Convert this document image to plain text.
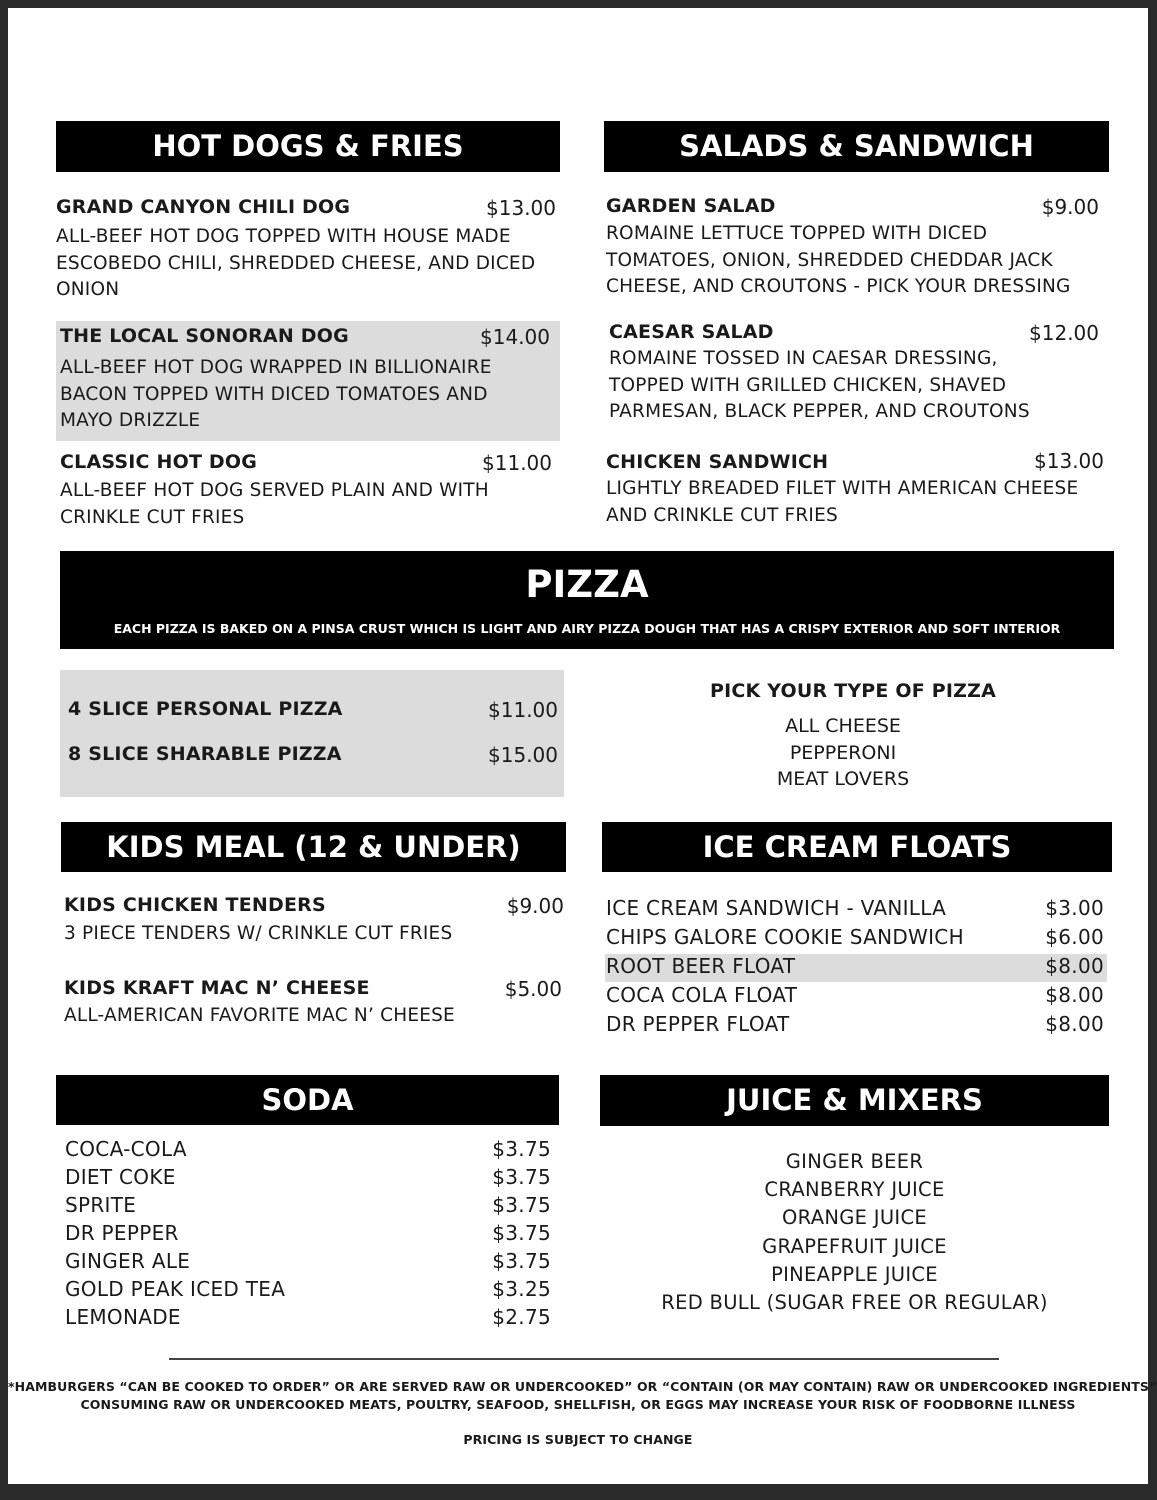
HOT DOGS & FRIES
GRAND CANYON CHILI DOG	$13.00
ALL-BEEF HOT DOG TOPPED WITH HOUSE MADE
ESCOBEDO CHILI, SHREDDED CHEESE, AND DICED
ONION
THE LOCAL SONORAN DOG	$14.00
ALL-BEEF HOT DOG WRAPPED IN BILLIONAIRE
BACON TOPPED WITH DICED TOMATOES AND
MAYO DRIZZLE
CLASSIC HOT DOG	$11.00
ALL-BEEF HOT DOG SERVED PLAIN AND WITH
CRINKLE CUT FRIES
SALADS & SANDWICH
GARDEN SALAD	$9.00
ROMAINE LETTUCE TOPPED WITH DICED
TOMATOES, ONION, SHREDDED CHEDDAR JACK
CHEESE, AND CROUTONS - PICK YOUR DRESSING
CAESAR SALAD	$12.00
ROMAINE TOSSED IN CAESAR DRESSING,
TOPPED WITH GRILLED CHICKEN, SHAVED
PARMESAN, BLACK PEPPER, AND CROUTONS
CHICKEN SANDWICH	$13.00
LIGHTLY BREADED FILET WITH AMERICAN CHEESE
AND CRINKLE CUT FRIES
PIZZA
EACH PIZZA IS BAKED ON A PINSA CRUST WHICH IS LIGHT AND AIRY PIZZA DOUGH THAT HAS A CRISPY EXTERIOR AND SOFT INTERIOR
4 SLICE PERSONAL PIZZA	$11.00
8 SLICE SHARABLE PIZZA	$15.00
PICK YOUR TYPE OF PIZZA
ALL CHEESE
PEPPERONI
MEAT LOVERS
KIDS MEAL (12 & UNDER)
KIDS CHICKEN TENDERS	$9.00
3 PIECE TENDERS W/ CRINKLE CUT FRIES
KIDS KRAFT MAC N’ CHEESE	$5.00
ALL-AMERICAN FAVORITE MAC N’ CHEESE
ICE CREAM FLOATS
ICE CREAM SANDWICH - VANILLA	$3.00
CHIPS GALORE COOKIE SANDWICH	$6.00
ROOT BEER FLOAT	$8.00
COCA COLA FLOAT	$8.00
DR PEPPER FLOAT	$8.00
SODA
COCA-COLA	$3.75
DIET COKE	$3.75
SPRITE	$3.75
DR PEPPER	$3.75
GINGER ALE	$3.75
GOLD PEAK ICED TEA	$3.25
LEMONADE	$2.75
JUICE & MIXERS
GINGER BEER
CRANBERRY JUICE
ORANGE JUICE
GRAPEFRUIT JUICE
PINEAPPLE JUICE
RED BULL (SUGAR FREE OR REGULAR)
*HAMBURGERS “CAN BE COOKED TO ORDER” OR ARE SERVED RAW OR UNDERCOOKED” OR “CONTAIN (OR MAY CONTAIN) RAW OR UNDERCOOKED INGREDIENTS”
CONSUMING RAW OR UNDERCOOKED MEATS, POULTRY, SEAFOOD, SHELLFISH, OR EGGS MAY INCREASE YOUR RISK OF FOODBORNE ILLNESS
PRICING IS SUBJECT TO CHANGE
